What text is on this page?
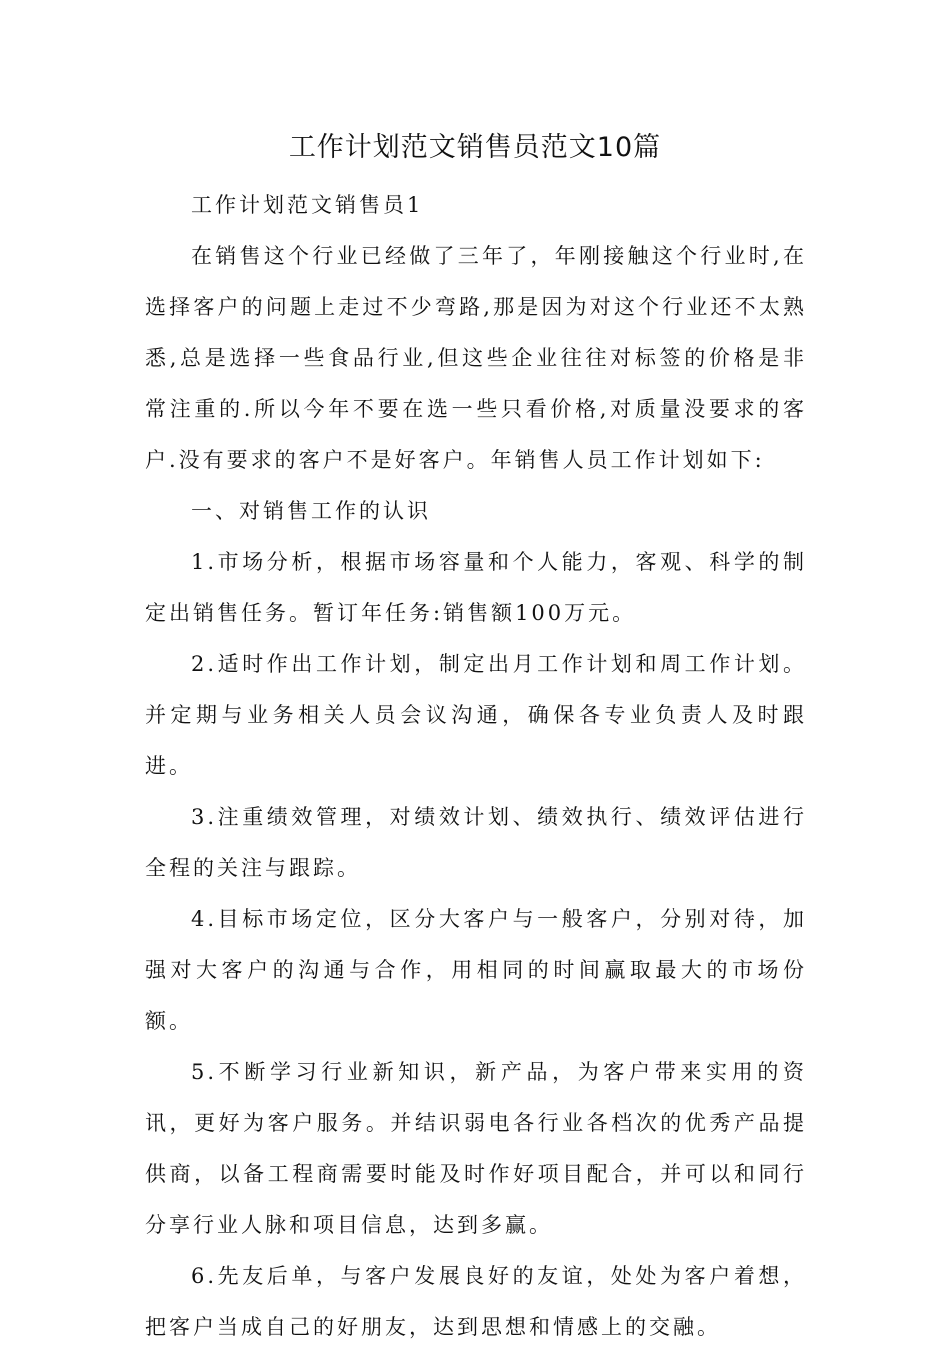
工作计划范文销售员范文10篇

工作计划范文销售员1

在销售这个行业已经做了三年了，年刚接触这个行业时,在选择客户的问题上走过不少弯路,那是因为对这个行业还不太熟悉,总是选择一些食品行业,但这些企业往往对标签的价格是非常注重的.所以今年不要在选一些只看价格,对质量没要求的客户.没有要求的客户不是好客户。年销售人员工作计划如下:

一、对销售工作的认识

1.市场分析，根据市场容量和个人能力，客观、科学的制定出销售任务。暂订年任务:销售额100万元。

2.适时作出工作计划，制定出月工作计划和周工作计划。并定期与业务相关人员会议沟通，确保各专业负责人及时跟进。

3.注重绩效管理，对绩效计划、绩效执行、绩效评估进行全程的关注与跟踪。

4.目标市场定位，区分大客户与一般客户，分别对待，加强对大客户的沟通与合作，用相同的时间赢取最大的市场份额。

5.不断学习行业新知识，新产品，为客户带来实用的资讯，更好为客户服务。并结识弱电各行业各档次的优秀产品提供商，以备工程商需要时能及时作好项目配合，并可以和同行分享行业人脉和项目信息，达到多赢。

6.先友后单，与客户发展良好的友谊，处处为客户着想，把客户当成自己的好朋友，达到思想和情感上的交融。
